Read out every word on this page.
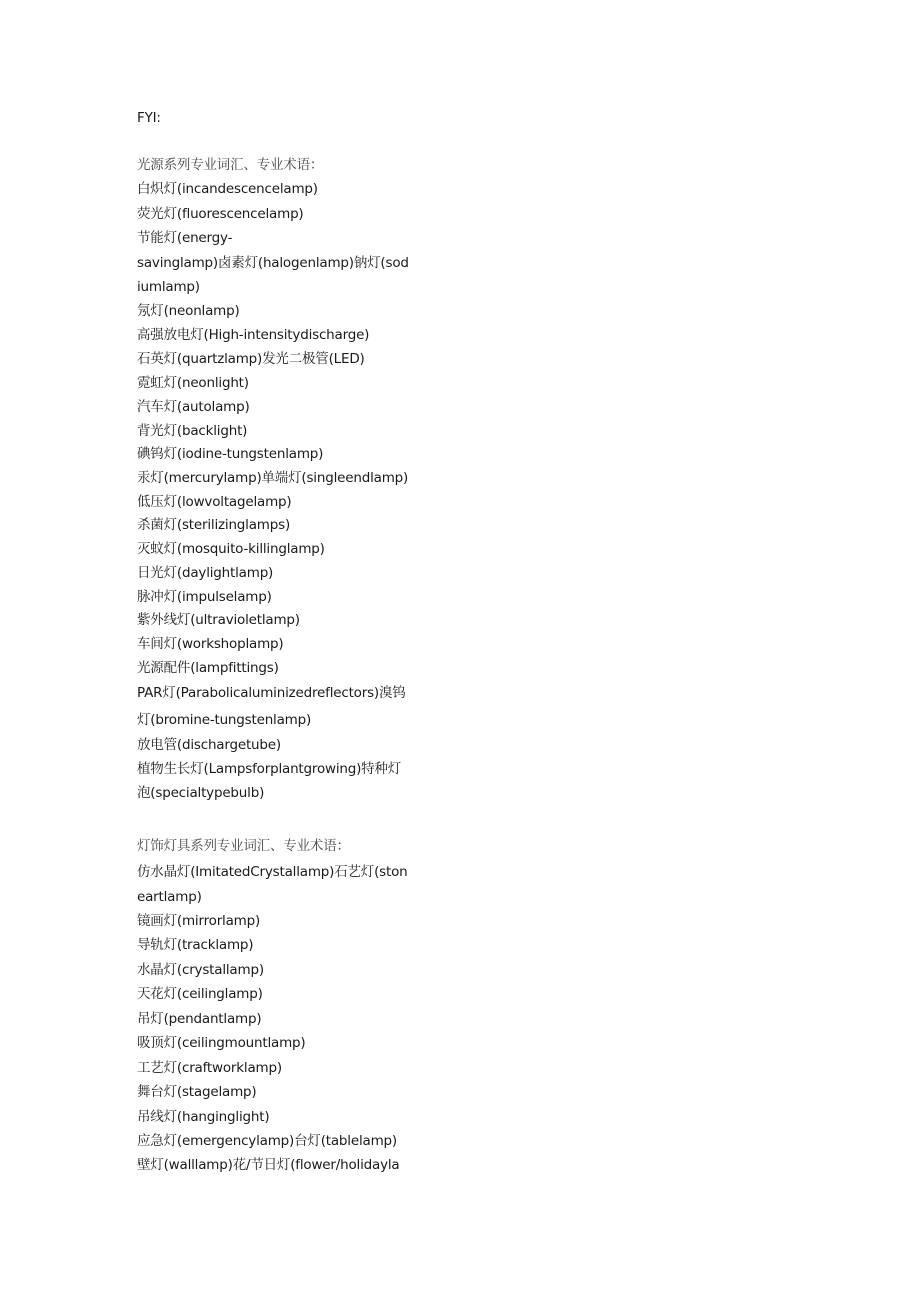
FYI:
光源系列专业词汇、专业术语：
白炽灯(incandescencelamp)
荧光灯(fluorescencelamp)
节能灯(energy-
savinglamp)卤素灯(halogenlamp)钠灯(sod
iumlamp)
氖灯(neonlamp)
高强放电灯(High-intensitydischarge)
石英灯(quartzlamp)发光二极管(LED)
霓虹灯(neonlight)
汽车灯(autolamp)
背光灯(backlight)
碘钨灯(iodine-tungstenlamp)
汞灯(mercurylamp)单端灯(singleendlamp)
低压灯(lowvoltagelamp)
杀菌灯(sterilizinglamps)
灭蚊灯(mosquito-killinglamp)
日光灯(daylightlamp)
脉冲灯(impulselamp)
紫外线灯(ultravioletlamp)
车间灯(workshoplamp)
光源配件(lampfittings)
PAR灯(Parabolicaluminizedreflectors)溴钨
灯(bromine-tungstenlamp)
放电管(dischargetube)
植物生长灯(Lampsforplantgrowing)特种灯
泡(specialtypebulb)
灯饰灯具系列专业词汇、专业术语：
仿水晶灯(ImitatedCrystallamp)石艺灯(ston
eartlamp)
镜画灯(mirrorlamp)
导轨灯(tracklamp)
水晶灯(crystallamp)
天花灯(ceilinglamp)
吊灯(pendantlamp)
吸顶灯(ceilingmountlamp)
工艺灯(craftworklamp)
舞台灯(stagelamp)
吊线灯(hanginglight)
应急灯(emergencylamp)台灯(tablelamp)
壁灯(walllamp)花/节日灯(flower/holidayla
